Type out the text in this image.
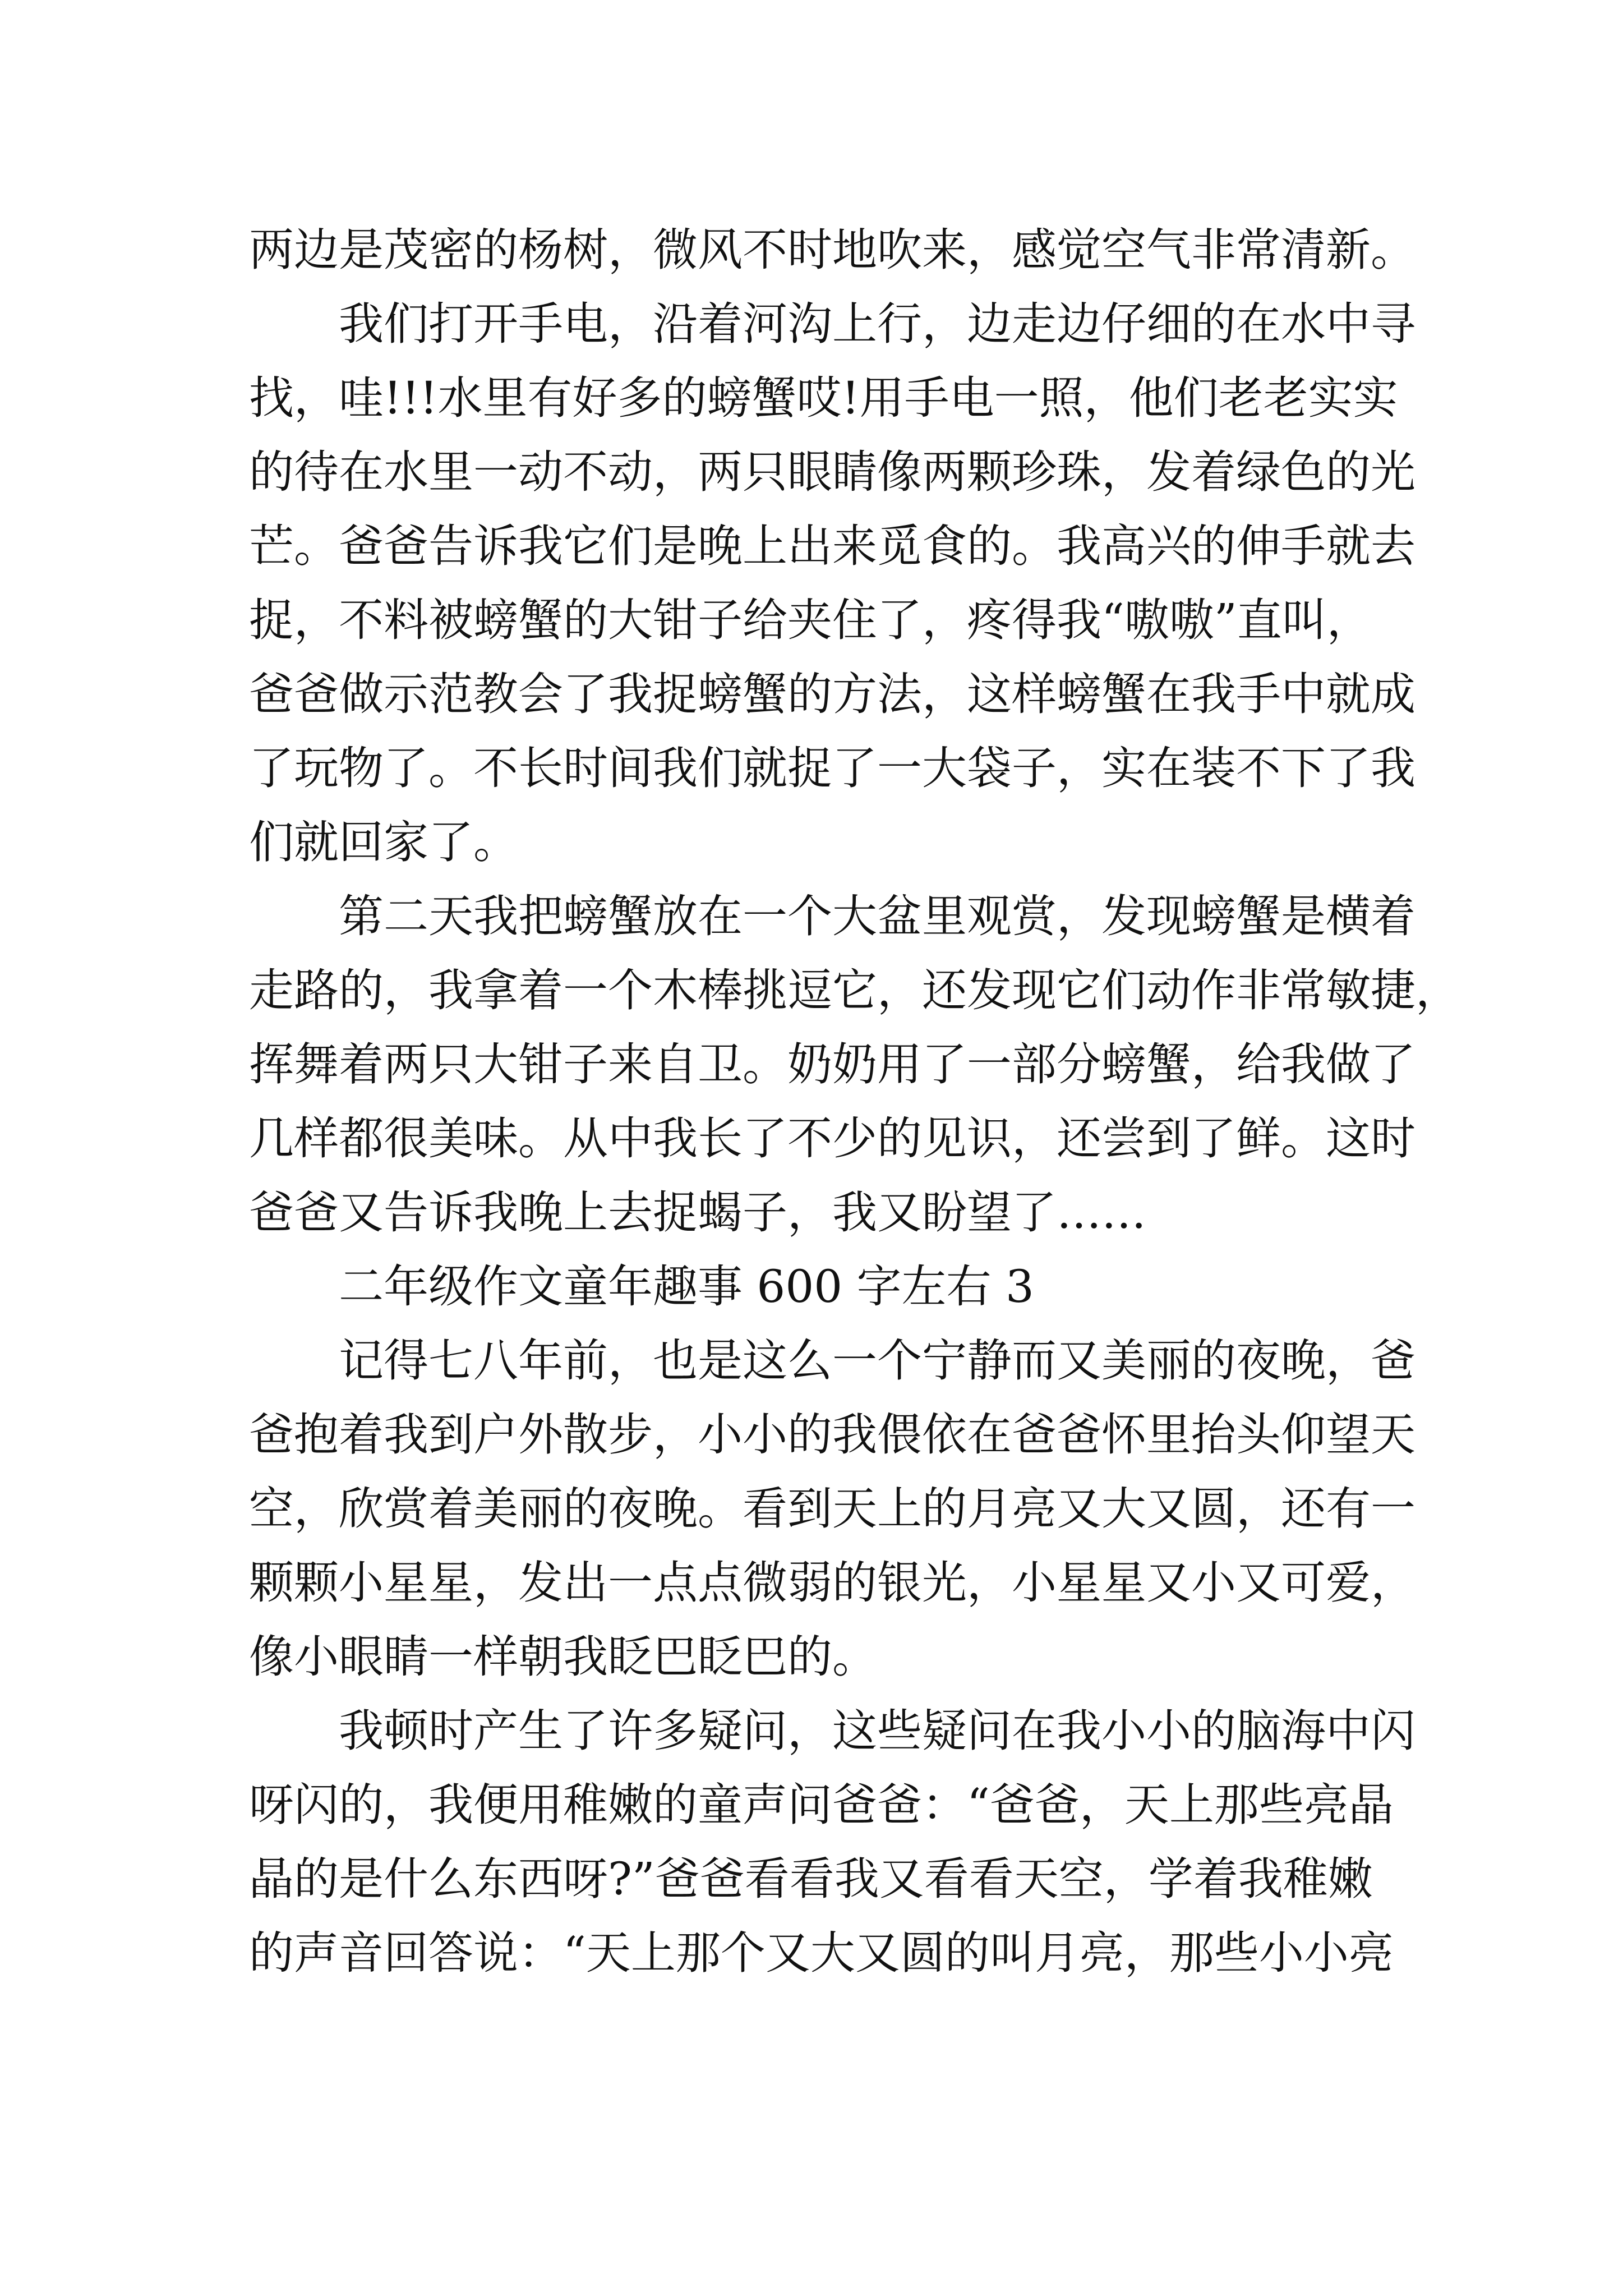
两边是茂密的杨树，微风不时地吹来，感觉空气非常清新。
我们打开手电，沿着河沟上行，边走边仔细的在水中寻
找，哇!!!水里有好多的螃蟹哎!用手电一照，他们老老实实
的待在水里一动不动，两只眼睛像两颗珍珠，发着绿色的光
芒。爸爸告诉我它们是晚上出来觅食的。我高兴的伸手就去
捉，不料被螃蟹的大钳子给夹住了，疼得我“嗷嗷”直叫，
爸爸做示范教会了我捉螃蟹的方法，这样螃蟹在我手中就成
了玩物了。不长时间我们就捉了一大袋子，实在装不下了我
们就回家了。
第二天我把螃蟹放在一个大盆里观赏，发现螃蟹是横着
走路的，我拿着一个木棒挑逗它，还发现它们动作非常敏捷，
挥舞着两只大钳子来自卫。奶奶用了一部分螃蟹，给我做了
几样都很美味。从中我长了不少的见识，还尝到了鲜。这时
爸爸又告诉我晚上去捉蝎子，我又盼望了……
二年级作文童年趣事 600 字左右 3
记得七八年前，也是这么一个宁静而又美丽的夜晚，爸
爸抱着我到户外散步，小小的我偎依在爸爸怀里抬头仰望天
空，欣赏着美丽的夜晚。看到天上的月亮又大又圆，还有一
颗颗小星星，发出一点点微弱的银光，小星星又小又可爱，
像小眼睛一样朝我眨巴眨巴的。
我顿时产生了许多疑问，这些疑问在我小小的脑海中闪
呀闪的，我便用稚嫩的童声问爸爸：“爸爸，天上那些亮晶
晶的是什么东西呀?”爸爸看看我又看看天空，学着我稚嫩
的声音回答说：“天上那个又大又圆的叫月亮，那些小小亮
